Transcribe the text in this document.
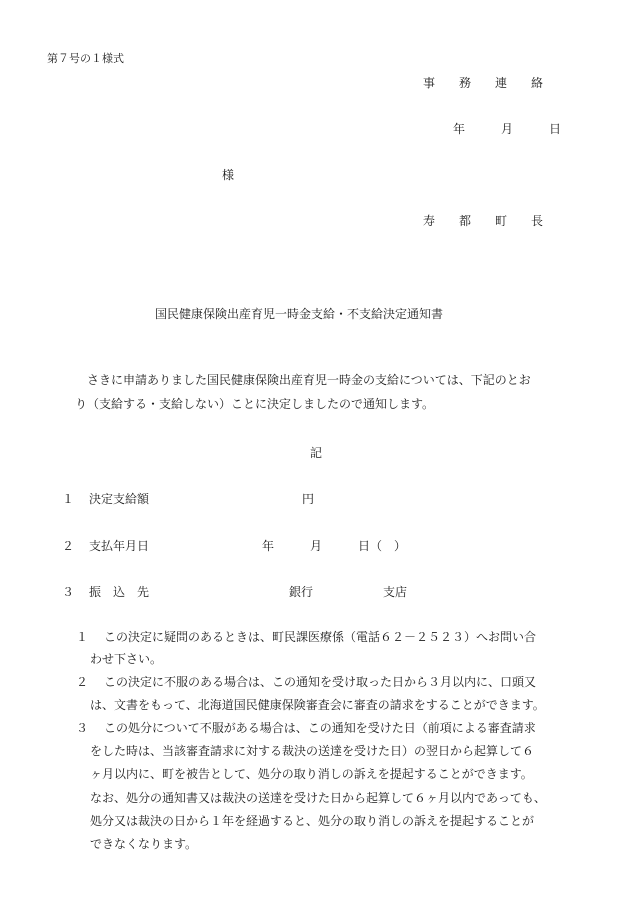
第７号の１様式
事　　務　　連　　絡
年　　　月　　　日
様
寿　　都　　町　　長
国民健康保険出産育児一時金支給・不支給決定通知書
　さきに申請ありました国民健康保険出産育児一時金の支給については、下記のとお
り（支給する・支給しない）ことに決定しましたので通知します。
記
１ 決定支給額	円
２ 支払年月日	年　　　月　　　日（　）
３ 振　込　先	銀行	支店
１ この決定に疑問のあるときは、町民課医療係（電話６２－２５２３）へお問い合
わせ下さい。
２ この決定に不服のある場合は、この通知を受け取った日から３月以内に、口頭又
は、文書をもって、北海道国民健康保険審査会に審査の請求をすることができます。
３ この処分について不服がある場合は、この通知を受けた日（前項による審査請求
をした時は、当該審査請求に対する裁決の送達を受けた日）の翌日から起算して６
ヶ月以内に、町を被告として、処分の取り消しの訴えを提起することができます。
なお、処分の通知書又は裁決の送達を受けた日から起算して６ヶ月以内であっても、
処分又は裁決の日から１年を経過すると、処分の取り消しの訴えを提起することが
できなくなります。
